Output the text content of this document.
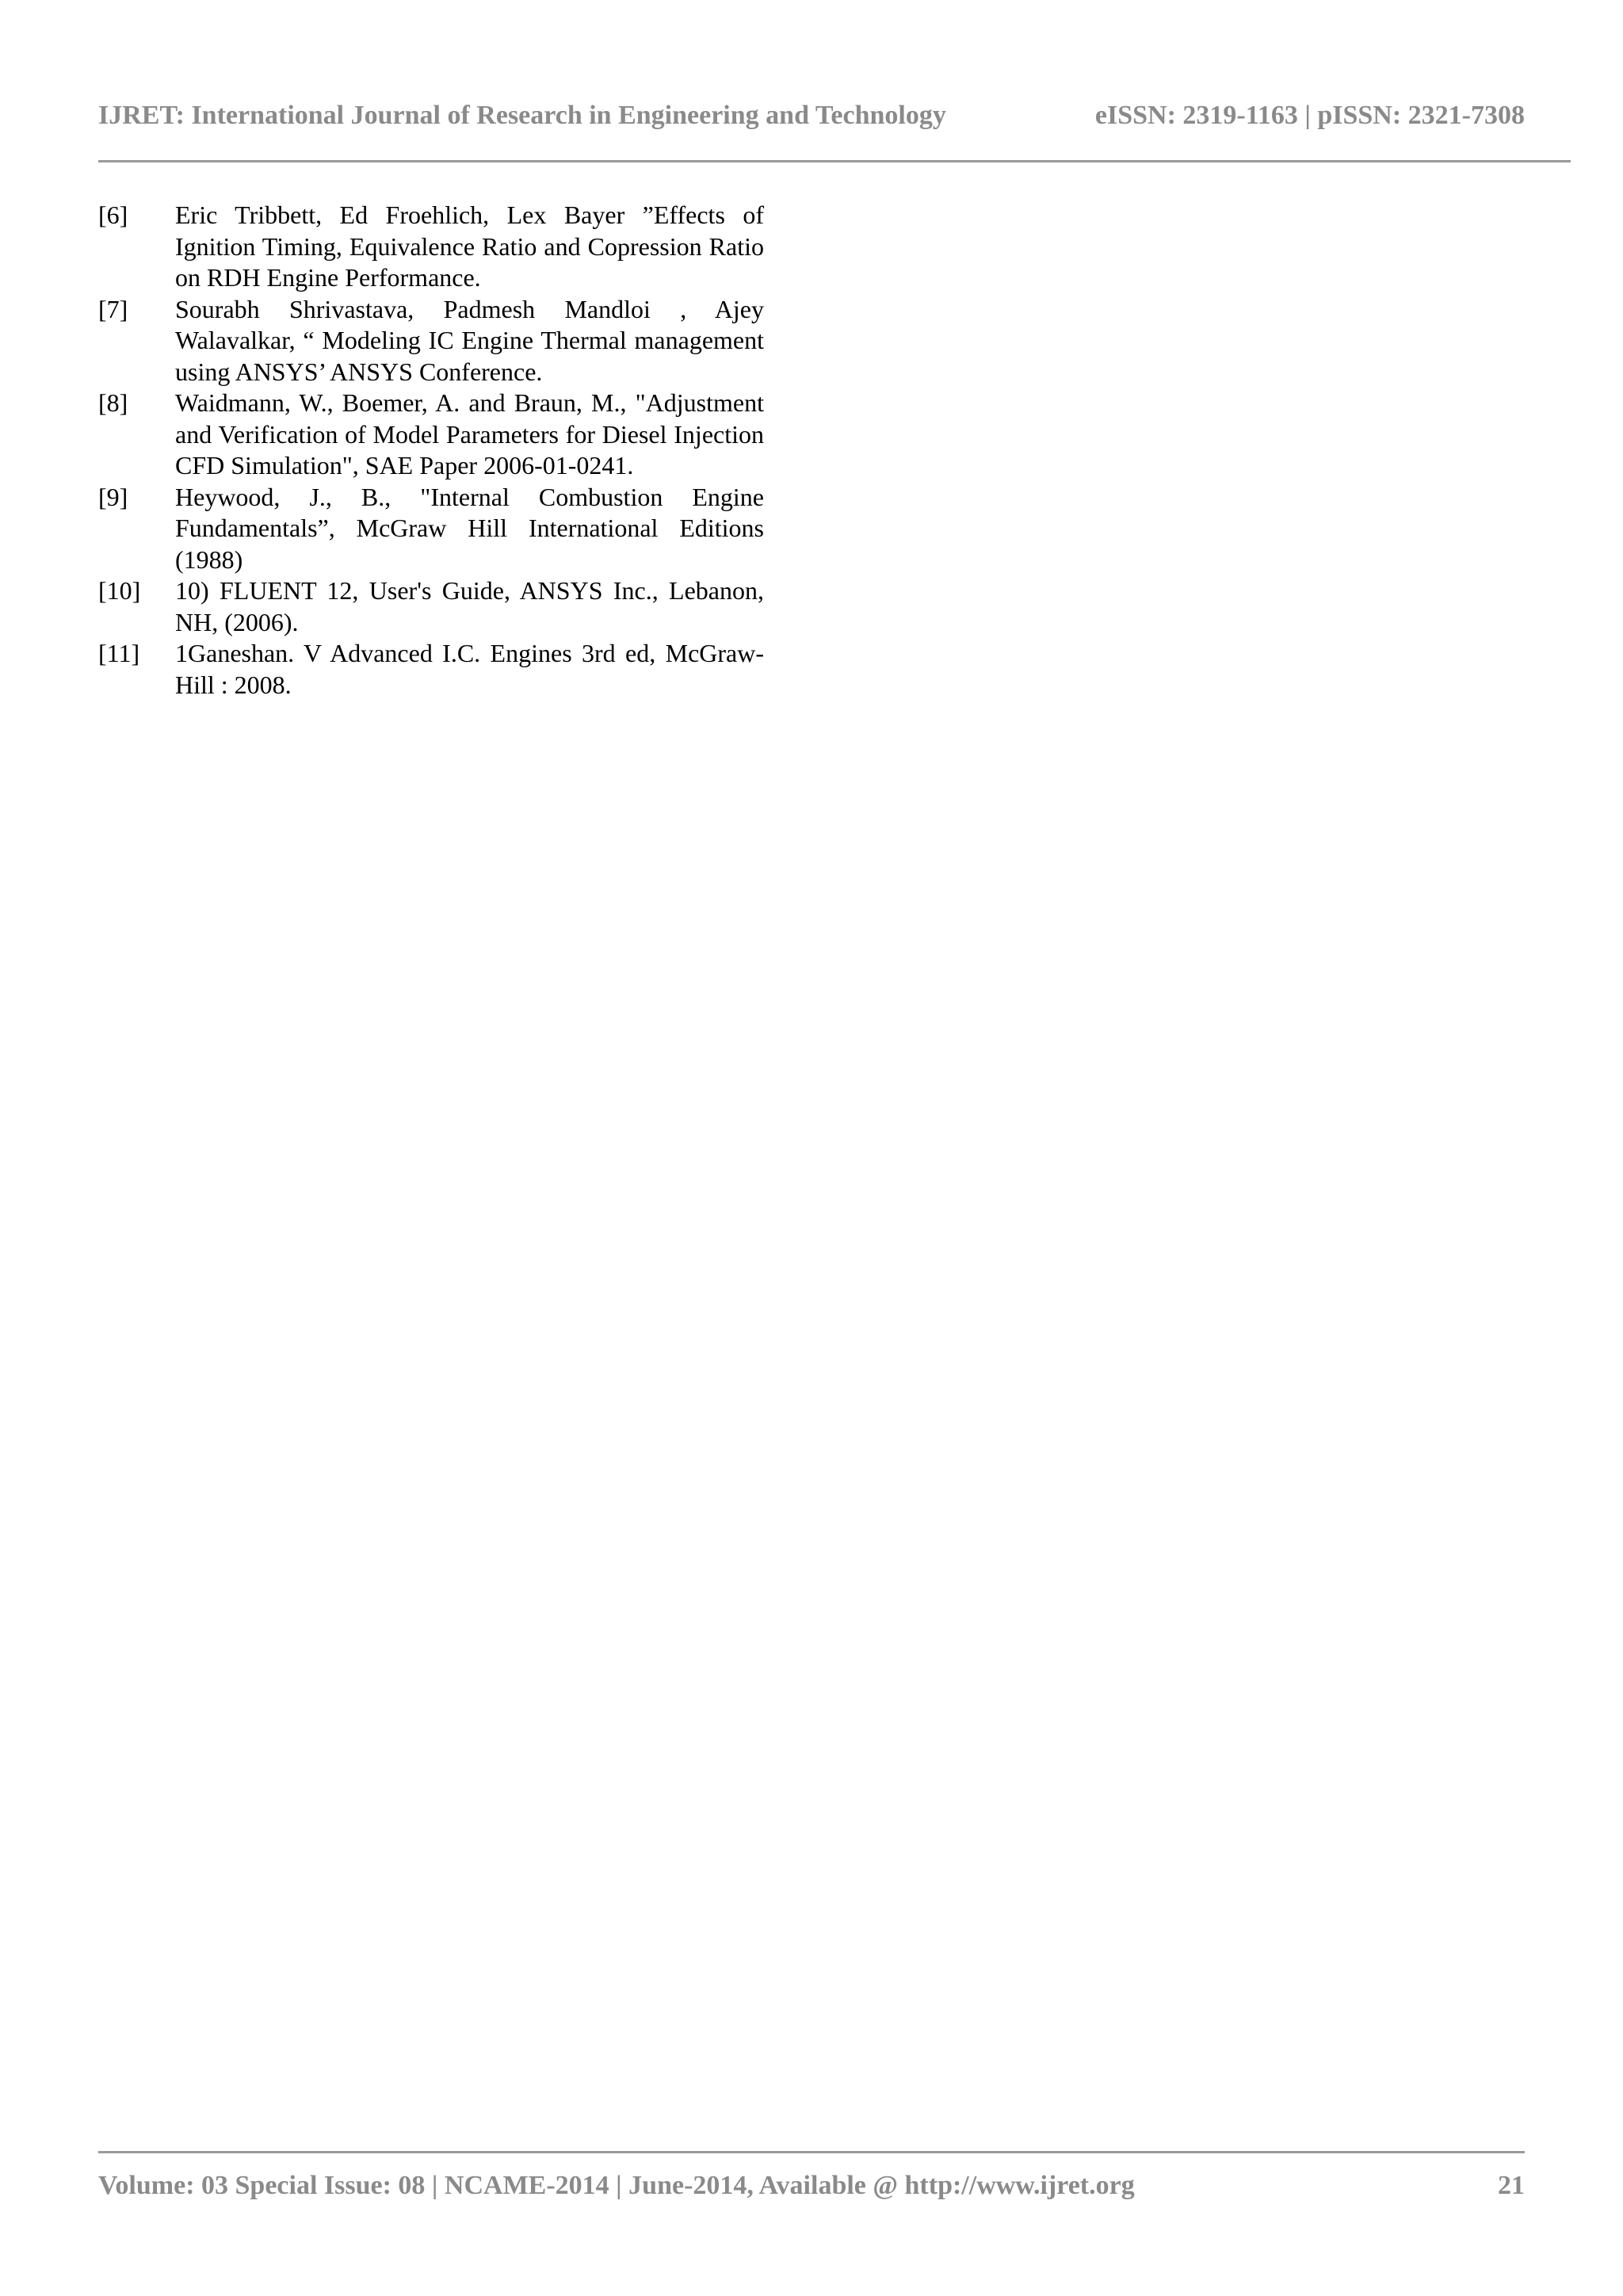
IJRET: International Journal of Research in Engineering and Technology	eISSN: 2319-1163 | pISSN: 2321-7308
[6]	Eric Tribbett, Ed Froehlich, Lex Bayer ”Effects of Ignition Timing, Equivalence Ratio and Copression Ratio on RDH Engine Performance.
[7]	Sourabh Shrivastava, Padmesh Mandloi , Ajey Walavalkar, “ Modeling IC Engine Thermal management using ANSYS’ ANSYS Conference.
[8]	Waidmann, W., Boemer, A. and Braun, M., "Adjustment and Verification of Model Parameters for Diesel Injection CFD Simulation", SAE Paper 2006-01-0241.
[9]	Heywood, J., B., "Internal Combustion Engine Fundamentals”, McGraw Hill International Editions (1988)
[10]	10) FLUENT 12, User's Guide, ANSYS Inc., Lebanon, NH, (2006).
[11]	1Ganeshan. V Advanced I.C. Engines 3rd ed, McGraw- Hill : 2008.
Volume: 03 Special Issue: 08 | NCAME-2014 | June-2014, Available @ http://www.ijret.org	21
